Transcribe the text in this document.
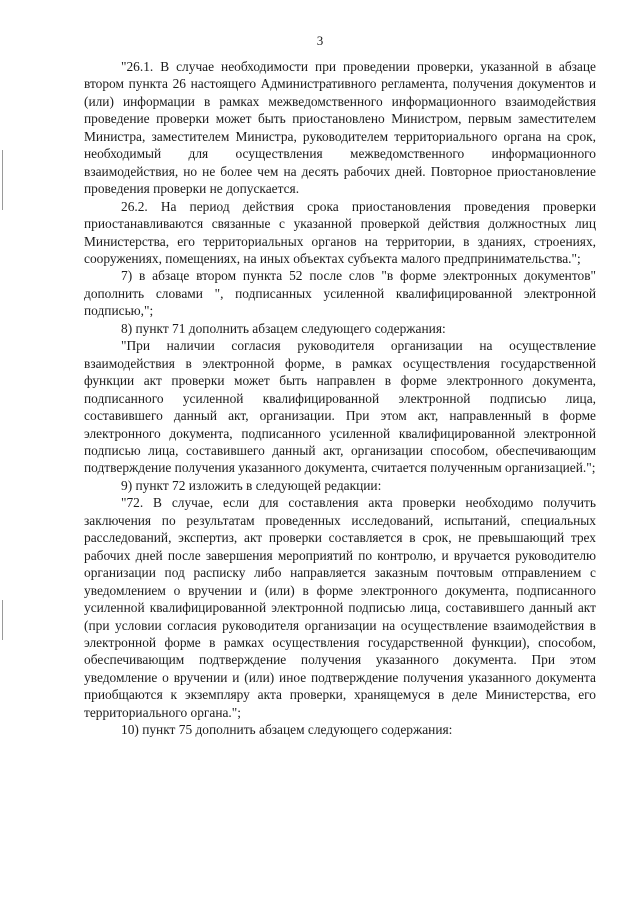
3

"26.1. В случае необходимости при проведении проверки, указанной в абзаце втором пункта 26 настоящего Административного регламента, получения документов и (или) информации в рамках межведомственного информационного взаимодействия проведение проверки может быть приостановлено Министром, первым заместителем Министра, заместителем Министра, руководителем территориального органа на срок, необходимый для осуществления межведомственного информационного взаимодействия, но не более чем на десять рабочих дней. Повторное приостановление проведения проверки не допускается.

26.2. На период действия срока приостановления проведения проверки приостанавливаются связанные с указанной проверкой действия должностных лиц Министерства, его территориальных органов на территории, в зданиях, строениях, сооружениях, помещениях, на иных объектах субъекта малого предпринимательства.";

7) в абзаце втором пункта 52 после слов "в форме электронных документов" дополнить словами ", подписанных усиленной квалифицированной электронной подписью,";

8) пункт 71 дополнить абзацем следующего содержания:

"При наличии согласия руководителя организации на осуществление взаимодействия в электронной форме, в рамках осуществления государственной функции акт проверки может быть направлен в форме электронного документа, подписанного усиленной квалифицированной электронной подписью лица, составившего данный акт, организации. При этом акт, направленный в форме электронного документа, подписанного усиленной квалифицированной электронной подписью лица, составившего данный акт, организации способом, обеспечивающим подтверждение получения указанного документа, считается полученным организацией.";

9) пункт 72 изложить в следующей редакции:

"72. В случае, если для составления акта проверки необходимо получить заключения по результатам проведенных исследований, испытаний, специальных расследований, экспертиз, акт проверки составляется в срок, не превышающий трех рабочих дней после завершения мероприятий по контролю, и вручается руководителю организации под расписку либо направляется заказным почтовым отправлением с уведомлением о вручении и (или) в форме электронного документа, подписанного усиленной квалифицированной электронной подписью лица, составившего данный акт (при условии согласия руководителя организации на осуществление взаимодействия в электронной форме в рамках осуществления государственной функции), способом, обеспечивающим подтверждение получения указанного документа. При этом уведомление о вручении и (или) иное подтверждение получения указанного документа приобщаются к экземпляру акта проверки, хранящемуся в деле Министерства, его территориального органа.";

10) пункт 75 дополнить абзацем следующего содержания:
